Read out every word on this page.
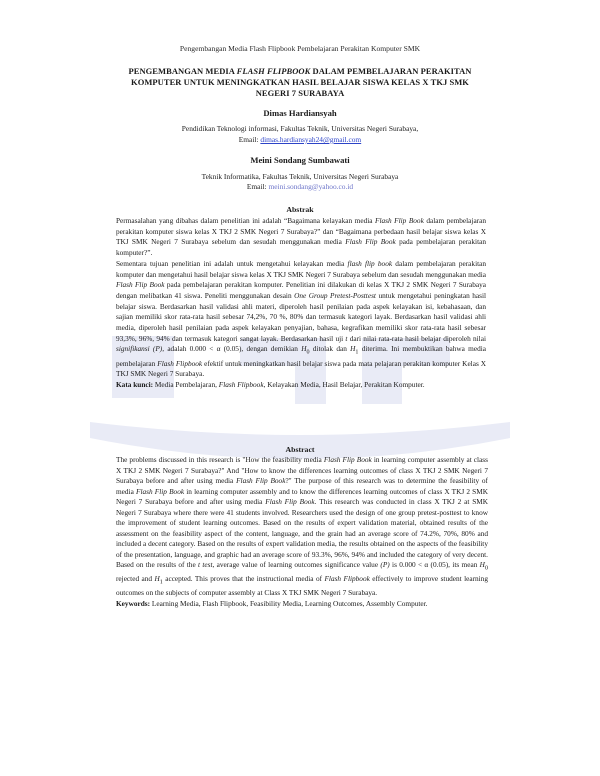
Pengembangan Media Flash Flipbook Pembelajaran Perakitan Komputer SMK
PENGEMBANGAN MEDIA FLASH FLIPBOOK DALAM PEMBELAJARAN PERAKITAN
KOMPUTER UNTUK MENINGKATKAN HASIL BELAJAR SISWA KELAS X TKJ SMK
NEGERI 7 SURABAYA
Dimas Hardiansyah
Pendidikan Teknologi informasi, Fakultas Teknik, Universitas Negeri Surabaya,
Email: dimas.hardiansyah24@gmail.com
Meini Sondang Sumbawati
Teknik Informatika, Fakultas Teknik, Universitas Negeri Surabaya
Email: meini.sondang@yahoo.co.id
Abstrak

Permasalahan yang dibahas dalam penelitian ini adalah “Bagaimana kelayakan media Flash Flip Book dalam pembelajaran perakitan komputer siswa kelas X TKJ 2 SMK Negeri 7 Surabaya?” dan “Bagaimana perbedaan hasil belajar siswa kelas X TKJ SMK Negeri 7 Surabaya sebelum dan sesudah menggunakan media Flash Flip Book pada pembelajaran perakitan komputer?”.

Sementara tujuan penelitian ini adalah untuk mengetahui kelayakan media flash flip book dalam pembelajaran perakitan komputer dan mengetahui hasil belajar siswa kelas X TKJ SMK Negeri 7 Surabaya sebelum dan sesudah menggunakan media Flash Flip Book pada pembelajaran perakitan komputer. Penelitian ini dilakukan di kelas X TKJ 2 SMK Negeri 7 Surabaya dengan melibatkan 41 siswa. Peneliti menggunakan desain One Group Pretest-Posttest untuk mengetahui peningkatan hasil belajar siswa. Berdasarkan hasil validasi ahli materi, diperoleh hasil penilaian pada aspek kelayakan isi, kebahasaan, dan sajian memiliki skor rata-rata hasil sebesar 74,2%, 70 %, 80% dan termasuk kategori layak. Berdasarkan hasil validasi ahli media, diperoleh hasil penilaian pada aspek kelayakan penyajian, bahasa, kegrafikan memiliki skor rata-rata hasil sebesar 93,3%, 96%, 94% dan termasuk kategori sangat layak. Berdasarkan hasil uji t dari nilai rata-rata hasil belajar diperoleh nilai signifikansi (P), adalah 0.000 < α (0.05), dengan demikian $H_0$ ditolak dan $H_1$ diterima. Ini membuktikan bahwa media pembelajaran Flash Flipbook efektif untuk meningkatkan hasil belajar siswa pada mata pelajaran perakitan komputer Kelas X TKJ SMK Negeri 7 Surabaya.

Kata kunci: Media Pembelajaran, Flash Flipbook, Kelayakan Media, Hasil Belajar, Perakitan Komputer.

Abstract

The problems discussed in this research is "How the feasibility media Flash Flip Book in learning computer assembly at class X TKJ 2 SMK Negeri 7 Surabaya?" And "How to know the differences learning outcomes of class X TKJ 2 SMK Negeri 7 Surabaya before and after using media Flash Flip Book?" The purpose of this research was to determine the feasibility of media Flash Flip Book in learning computer assembly and to know the differences learning outcomes of class X TKJ 2 SMK Negeri 7 Surabaya before and after using media Flash Flip Book. This research was conducted in class X TKJ 2 at SMK Negeri 7 Surabaya where there were 41 students involved. Researchers used the design of one group pretest-posttest to know the improvement of student learning outcomes. Based on the results of expert validation material, obtained results of the assessment on the feasibility aspect of the content, language, and the grain had an average score of 74.2%, 70%, 80% and included a decent category. Based on the results of expert validation media, the results obtained on the aspects of the feasibility of the presentation, language, and graphic had an average score of 93.3%, 96%, 94% and included the category of very decent. Based on the results of the t test, average value of learning outcomes significance value (P) is 0.000 < α (0.05), its mean $H_0$ rejected and $H_1$ accepted. This proves that the instructional media of Flash Flipbook effectively to improve student learning outcomes on the subjects of computer assembly at Class X TKJ SMK Negeri 7 Surabaya.

Keywords: Learning Media, Flash Flipbook, Feasibility Media, Learning Outcomes, Assembly Computer.
